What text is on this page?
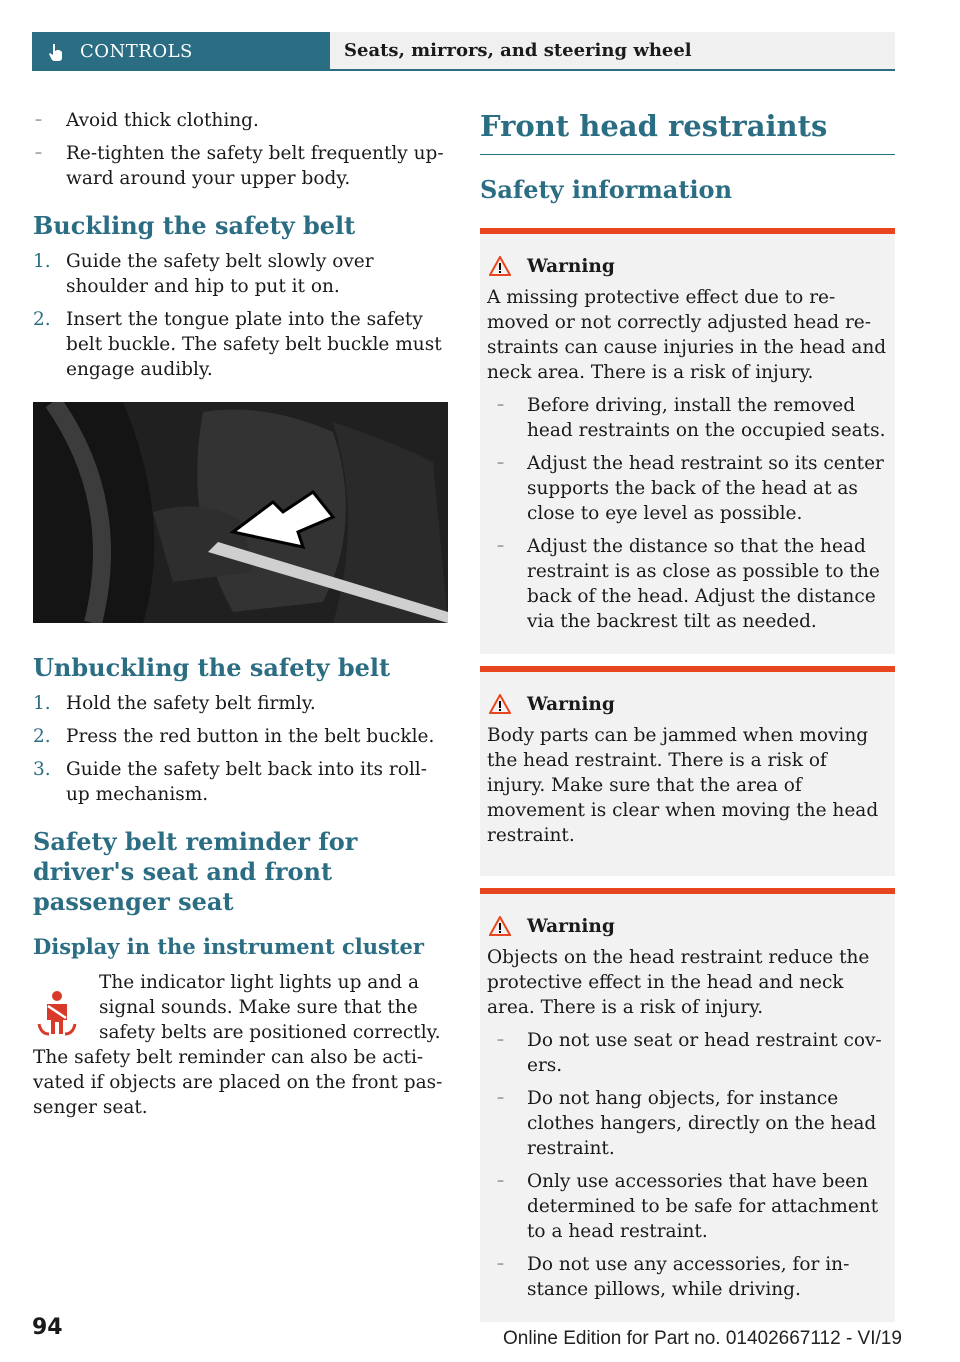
CONTROLS	Seats, mirrors, and steering wheel
– Avoid thick clothing.
– Re-tighten the safety belt frequently up-ward around your upper body.
Buckling the safety belt
1. Guide the safety belt slowly over shoulder and hip to put it on.
2. Insert the tongue plate into the safety belt buckle. The safety belt buckle must engage audibly.
Unbuckling the safety belt
1. Hold the safety belt firmly.
2. Press the red button in the belt buckle.
3. Guide the safety belt back into its roll-up mechanism.
Safety belt reminder for driver's seat and front passenger seat
Display in the instrument cluster

The indicator light lights up and a signal sounds. Make sure that the safety belts are positioned correctly.

The safety belt reminder can also be acti-vated if objects are placed on the front pas-senger seat.

Front head restraints
Safety information

Warning

A missing protective effect due to re-moved or not correctly adjusted head re-straints can cause injuries in the head and neck area. There is a risk of injury.

– Before driving, install the removed head restraints on the occupied seats.
– Adjust the head restraint so its center supports the back of the head at as close to eye level as possible.
– Adjust the distance so that the head restraint is as close as possible to the back of the head. Adjust the distance via the backrest tilt as needed.

Warning

Body parts can be jammed when moving the head restraint. There is a risk of injury. Make sure that the area of movement is clear when moving the head restraint.

Warning

Objects on the head restraint reduce the protective effect in the head and neck area. There is a risk of injury.

– Do not use seat or head restraint cov-ers.
– Do not hang objects, for instance clothes hangers, directly on the head restraint.
– Only use accessories that have been determined to be safe for attachment to a head restraint.
– Do not use any accessories, for in-stance pillows, while driving.
94	Online Edition for Part no. 01402667112 - VI/19
